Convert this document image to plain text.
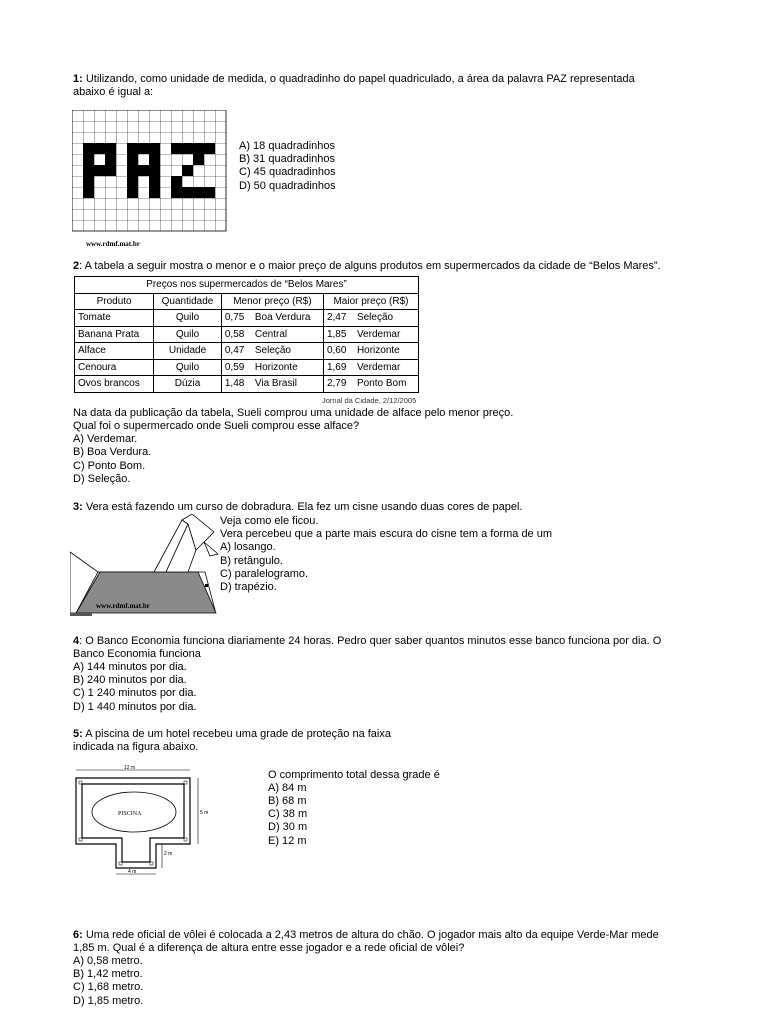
1: Utilizando, como unidade de medida, o quadradinho do papel quadriculado, a área da palavra PAZ representada
abaixo é igual a:
www.rdmf.mat.br
A) 18 quadradinhos
B) 31 quadradinhos
C) 45 quadradinhos
D) 50 quadradinhos
2: A tabela a seguir mostra o menor e o maior preço de alguns produtos em supermercados da cidade de “Belos Mares”.
Preços nos supermercados de “Belos Mares”					
Produto	Quantidade	Menor preço (R$)		Maior preço (R$)	
Tomate	Quilo	0,75	Boa Verdura	2,47	Seleção
Banana Prata	Quilo	0,58	Central	1,85	Verdemar
Alface	Unidade	0,47	Seleção	0,60	Horizonte
Cenoura	Quilo	0,59	Horizonte	1,69	Verdemar
Ovos brancos	Dúzia	1,48	Via Brasil	2,79	Ponto Bom
Jornal da Cidade, 2/12/2005
Na data da publicação da tabela, Sueli comprou uma unidade de alface pelo menor preço.
Qual foi o supermercado onde Sueli comprou esse alface?
A) Verdemar.
B) Boa Verdura.
C) Ponto Bom.
D) Seleção.
3: Vera está fazendo um curso de dobradura. Ela fez um cisne usando duas cores de papel.
www.rdmf.mat.br
Veja como ele ficou.
Vera percebeu que a parte mais escura do cisne tem a forma de um
A) losango.
B) retângulo.
C) paralelogramo.
D) trapézio.
4: O Banco Economia funciona diariamente 24 horas. Pedro quer saber quantos minutos esse banco funciona por dia. O
Banco Economia funciona
A) 144 minutos por dia.
B) 240 minutos por dia.
C) 1 240 minutos por dia.
D) 1 440 minutos por dia.
5: A piscina de um hotel recebeu uma grade de proteção na faixa
indicada na figura abaixo.
12 m
PISCINA	5 m
2 m
4 m
O comprimento total dessa grade é
A) 84 m
B) 68 m
C) 38 m
D) 30 m
E) 12 m
6: Uma rede oficial de vôlei é colocada a 2,43 metros de altura do chão. O jogador mais alto da equipe Verde-Mar mede
1,85 m. Qual é a diferença de altura entre esse jogador e a rede oficial de vôlei?
A) 0,58 metro.
B) 1,42 metro.
C) 1,68 metro.
D) 1,85 metro.
